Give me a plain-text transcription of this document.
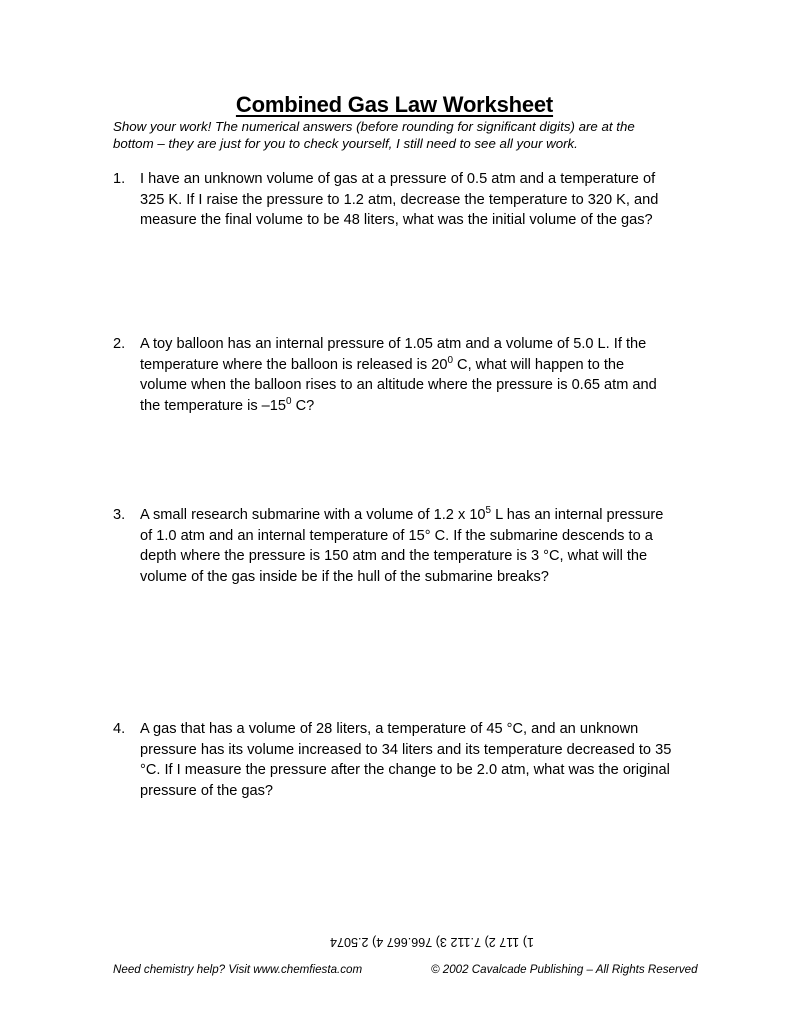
Combined Gas Law Worksheet
Show your work! The numerical answers (before rounding for significant digits) are at the bottom – they are just for you to check yourself, I still need to see all your work.
1.	I have an unknown volume of gas at a pressure of 0.5 atm and a temperature of 325 K. If I raise the pressure to 1.2 atm, decrease the temperature to 320 K, and measure the final volume to be 48 liters, what was the initial volume of the gas?
2.	A toy balloon has an internal pressure of 1.05 atm and a volume of 5.0 L. If the temperature where the balloon is released is $20^0$ C, what will happen to the volume when the balloon rises to an altitude where the pressure is 0.65 atm and the temperature is $-15^0$ C?
3.	A small research submarine with a volume of 1.2 x $10^5$ L has an internal pressure of 1.0 atm and an internal temperature of 15° C. If the submarine descends to a depth where the pressure is 150 atm and the temperature is 3 °C, what will the volume of the gas inside be if the hull of the submarine breaks?
4.	A gas that has a volume of 28 liters, a temperature of 45 °C, and an unknown pressure has its volume increased to 34 liters and its temperature decreased to 35 °C. If I measure the pressure after the change to be 2.0 atm, what was the original pressure of the gas?
1) 117 2) 7.112 3) 766.667 4) 2.5074
Need chemistry help? Visit www.chemfiesta.com	© 2002 Cavalcade Publishing – All Rights Reserved
